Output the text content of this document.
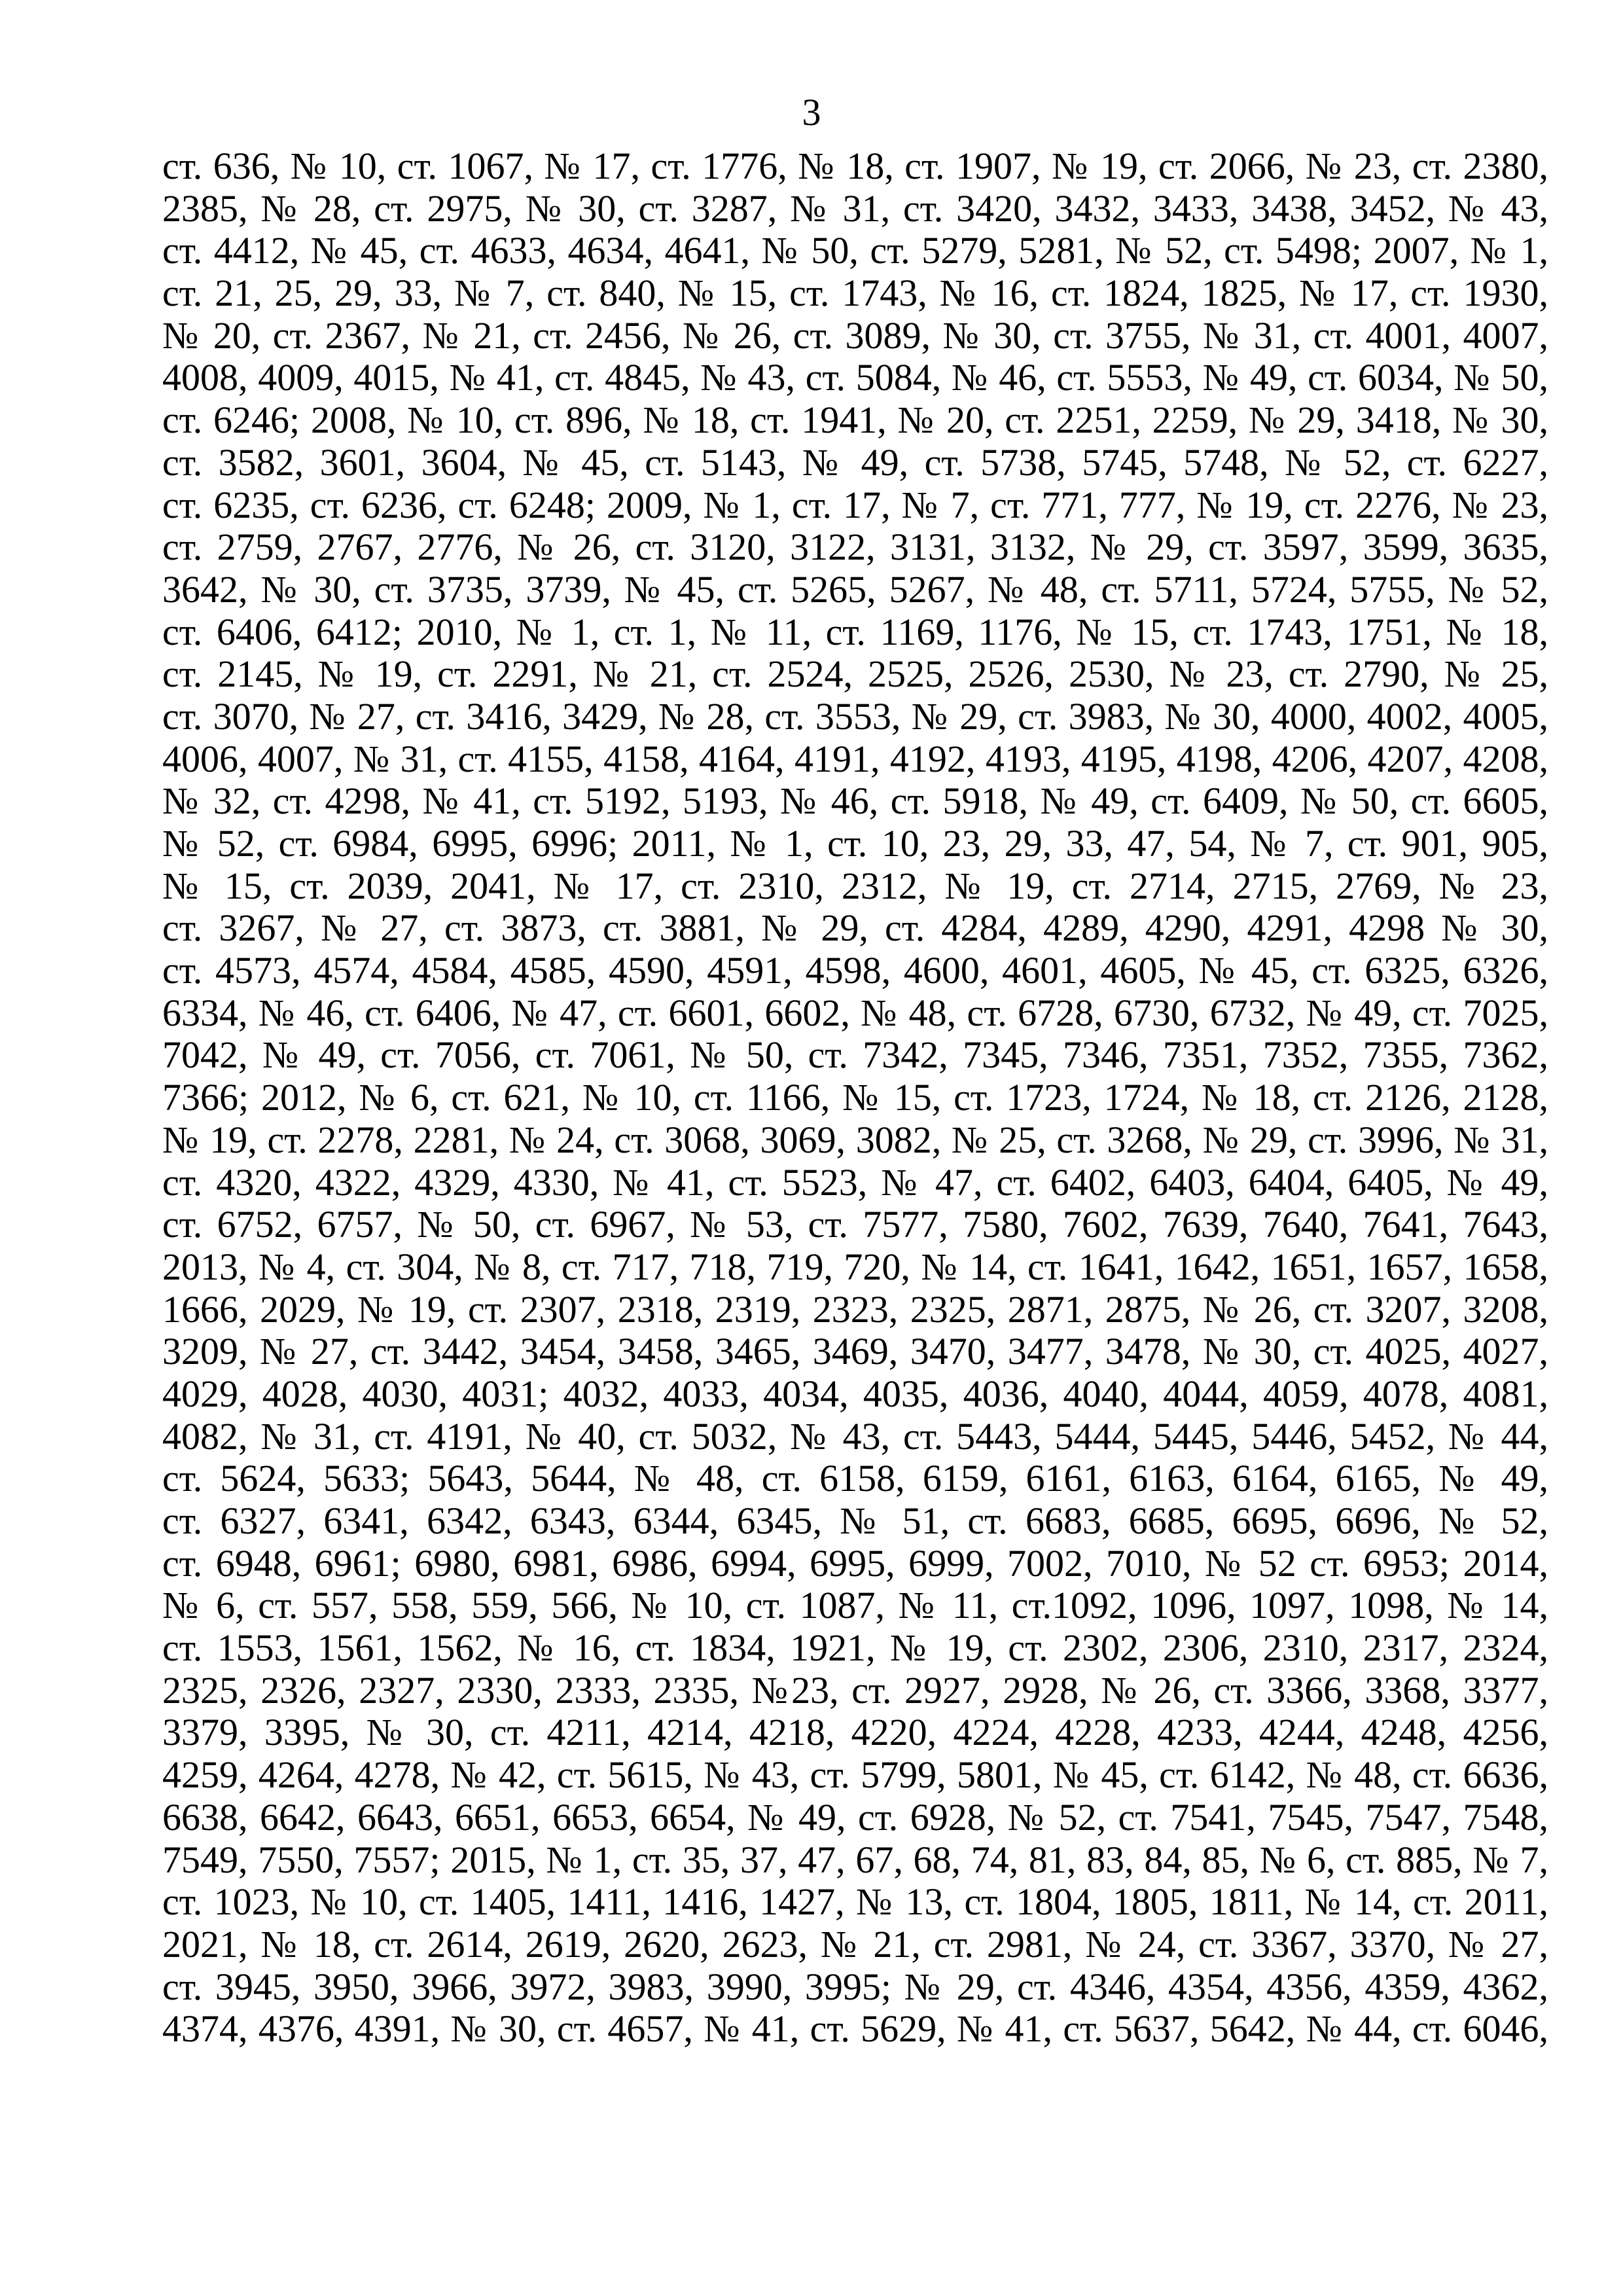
3
ст. 636, № 10, ст. 1067, № 17, ст. 1776, № 18, ст. 1907, № 19, ст. 2066, № 23, ст. 2380,
2385, № 28, ст. 2975, № 30, ст. 3287, № 31, ст. 3420, 3432, 3433, 3438, 3452, № 43,
ст. 4412, № 45, ст. 4633, 4634, 4641, № 50, ст. 5279, 5281, № 52, ст. 5498; 2007, № 1,
ст. 21, 25, 29, 33, № 7, ст. 840, № 15, ст. 1743, № 16, ст. 1824, 1825, № 17, ст. 1930,
№ 20, ст. 2367, № 21, ст. 2456, № 26, ст. 3089, № 30, ст. 3755, № 31, ст. 4001, 4007,
4008, 4009, 4015, № 41, ст. 4845, № 43, ст. 5084, № 46, ст. 5553, № 49, ст. 6034, № 50,
ст. 6246; 2008, № 10, ст. 896, № 18, ст. 1941, № 20, ст. 2251, 2259, № 29, 3418, № 30,
ст. 3582, 3601, 3604, № 45, ст. 5143, № 49, ст. 5738, 5745, 5748, № 52, ст. 6227,
ст. 6235, ст. 6236, ст. 6248; 2009, № 1, ст. 17, № 7, ст. 771, 777, № 19, ст. 2276, № 23,
ст. 2759, 2767, 2776, № 26, ст. 3120, 3122, 3131, 3132, № 29, ст. 3597, 3599, 3635,
3642, № 30, ст. 3735, 3739, № 45, ст. 5265, 5267, № 48, ст. 5711, 5724, 5755, № 52,
ст. 6406, 6412; 2010, № 1, ст. 1, № 11, ст. 1169, 1176, № 15, ст. 1743, 1751, № 18,
ст. 2145, № 19, ст. 2291, № 21, ст. 2524, 2525, 2526, 2530, № 23, ст. 2790, № 25,
ст. 3070, № 27, ст. 3416, 3429, № 28, ст. 3553, № 29, ст. 3983, № 30, 4000, 4002, 4005,
4006, 4007, № 31, ст. 4155, 4158, 4164, 4191, 4192, 4193, 4195, 4198, 4206, 4207, 4208,
№ 32, ст. 4298, № 41, ст. 5192, 5193, № 46, ст. 5918, № 49, ст. 6409, № 50, ст. 6605,
№ 52, ст. 6984, 6995, 6996; 2011, № 1, ст. 10, 23, 29, 33, 47, 54, № 7, ст. 901, 905,
№ 15, ст. 2039, 2041, № 17, ст. 2310, 2312, № 19, ст. 2714, 2715, 2769, № 23,
ст. 3267, № 27, ст. 3873, ст. 3881, № 29, ст. 4284, 4289, 4290, 4291, 4298 № 30,
ст. 4573, 4574, 4584, 4585, 4590, 4591, 4598, 4600, 4601, 4605, № 45, ст. 6325, 6326,
6334, № 46, ст. 6406, № 47, ст. 6601, 6602, № 48, ст. 6728, 6730, 6732, № 49, ст. 7025,
7042, № 49, ст. 7056, ст. 7061, № 50, ст. 7342, 7345, 7346, 7351, 7352, 7355, 7362,
7366; 2012, № 6, ст. 621, № 10, ст. 1166, № 15, ст. 1723, 1724, № 18, ст. 2126, 2128,
№ 19, ст. 2278, 2281, № 24, ст. 3068, 3069, 3082, № 25, ст. 3268, № 29, ст. 3996, № 31,
ст. 4320, 4322, 4329, 4330, № 41, ст. 5523, № 47, ст. 6402, 6403, 6404, 6405, № 49,
ст. 6752, 6757, № 50, ст. 6967, № 53, ст. 7577, 7580, 7602, 7639, 7640, 7641, 7643,
2013, № 4, ст. 304, № 8, ст. 717, 718, 719, 720, № 14, ст. 1641, 1642, 1651, 1657, 1658,
1666, 2029, № 19, ст. 2307, 2318, 2319, 2323, 2325, 2871, 2875, № 26, ст. 3207, 3208,
3209, № 27, ст. 3442, 3454, 3458, 3465, 3469, 3470, 3477, 3478, № 30, ст. 4025, 4027,
4029, 4028, 4030, 4031; 4032, 4033, 4034, 4035, 4036, 4040, 4044, 4059, 4078, 4081,
4082, № 31, ст. 4191, № 40, ст. 5032, № 43, ст. 5443, 5444, 5445, 5446, 5452, № 44,
ст. 5624, 5633; 5643, 5644, № 48, ст. 6158, 6159, 6161, 6163, 6164, 6165, № 49,
ст. 6327, 6341, 6342, 6343, 6344, 6345, № 51, ст. 6683, 6685, 6695, 6696, № 52,
ст. 6948, 6961; 6980, 6981, 6986, 6994, 6995, 6999, 7002, 7010, № 52 ст. 6953; 2014,
№ 6, ст. 557, 558, 559, 566, № 10, ст. 1087, № 11, ст.1092, 1096, 1097, 1098, № 14,
ст. 1553, 1561, 1562, № 16, ст. 1834, 1921, № 19, ст. 2302, 2306, 2310, 2317, 2324,
2325, 2326, 2327, 2330, 2333, 2335, №23, ст. 2927, 2928, № 26, ст. 3366, 3368, 3377,
3379, 3395, № 30, ст. 4211, 4214, 4218, 4220, 4224, 4228, 4233, 4244, 4248, 4256,
4259, 4264, 4278, № 42, ст. 5615, № 43, ст. 5799, 5801, № 45, ст. 6142, № 48, ст. 6636,
6638, 6642, 6643, 6651, 6653, 6654, № 49, ст. 6928, № 52, ст. 7541, 7545, 7547, 7548,
7549, 7550, 7557; 2015, № 1, ст. 35, 37, 47, 67, 68, 74, 81, 83, 84, 85, № 6, ст. 885, № 7,
ст. 1023, № 10, ст. 1405, 1411, 1416, 1427, № 13, ст. 1804, 1805, 1811, № 14, ст. 2011,
2021, № 18, ст. 2614, 2619, 2620, 2623, № 21, ст. 2981, № 24, ст. 3367, 3370, № 27,
ст. 3945, 3950, 3966, 3972, 3983, 3990, 3995; № 29, ст. 4346, 4354, 4356, 4359, 4362,
4374, 4376, 4391, № 30, ст. 4657, № 41, ст. 5629, № 41, ст. 5637, 5642, № 44, ст. 6046,
